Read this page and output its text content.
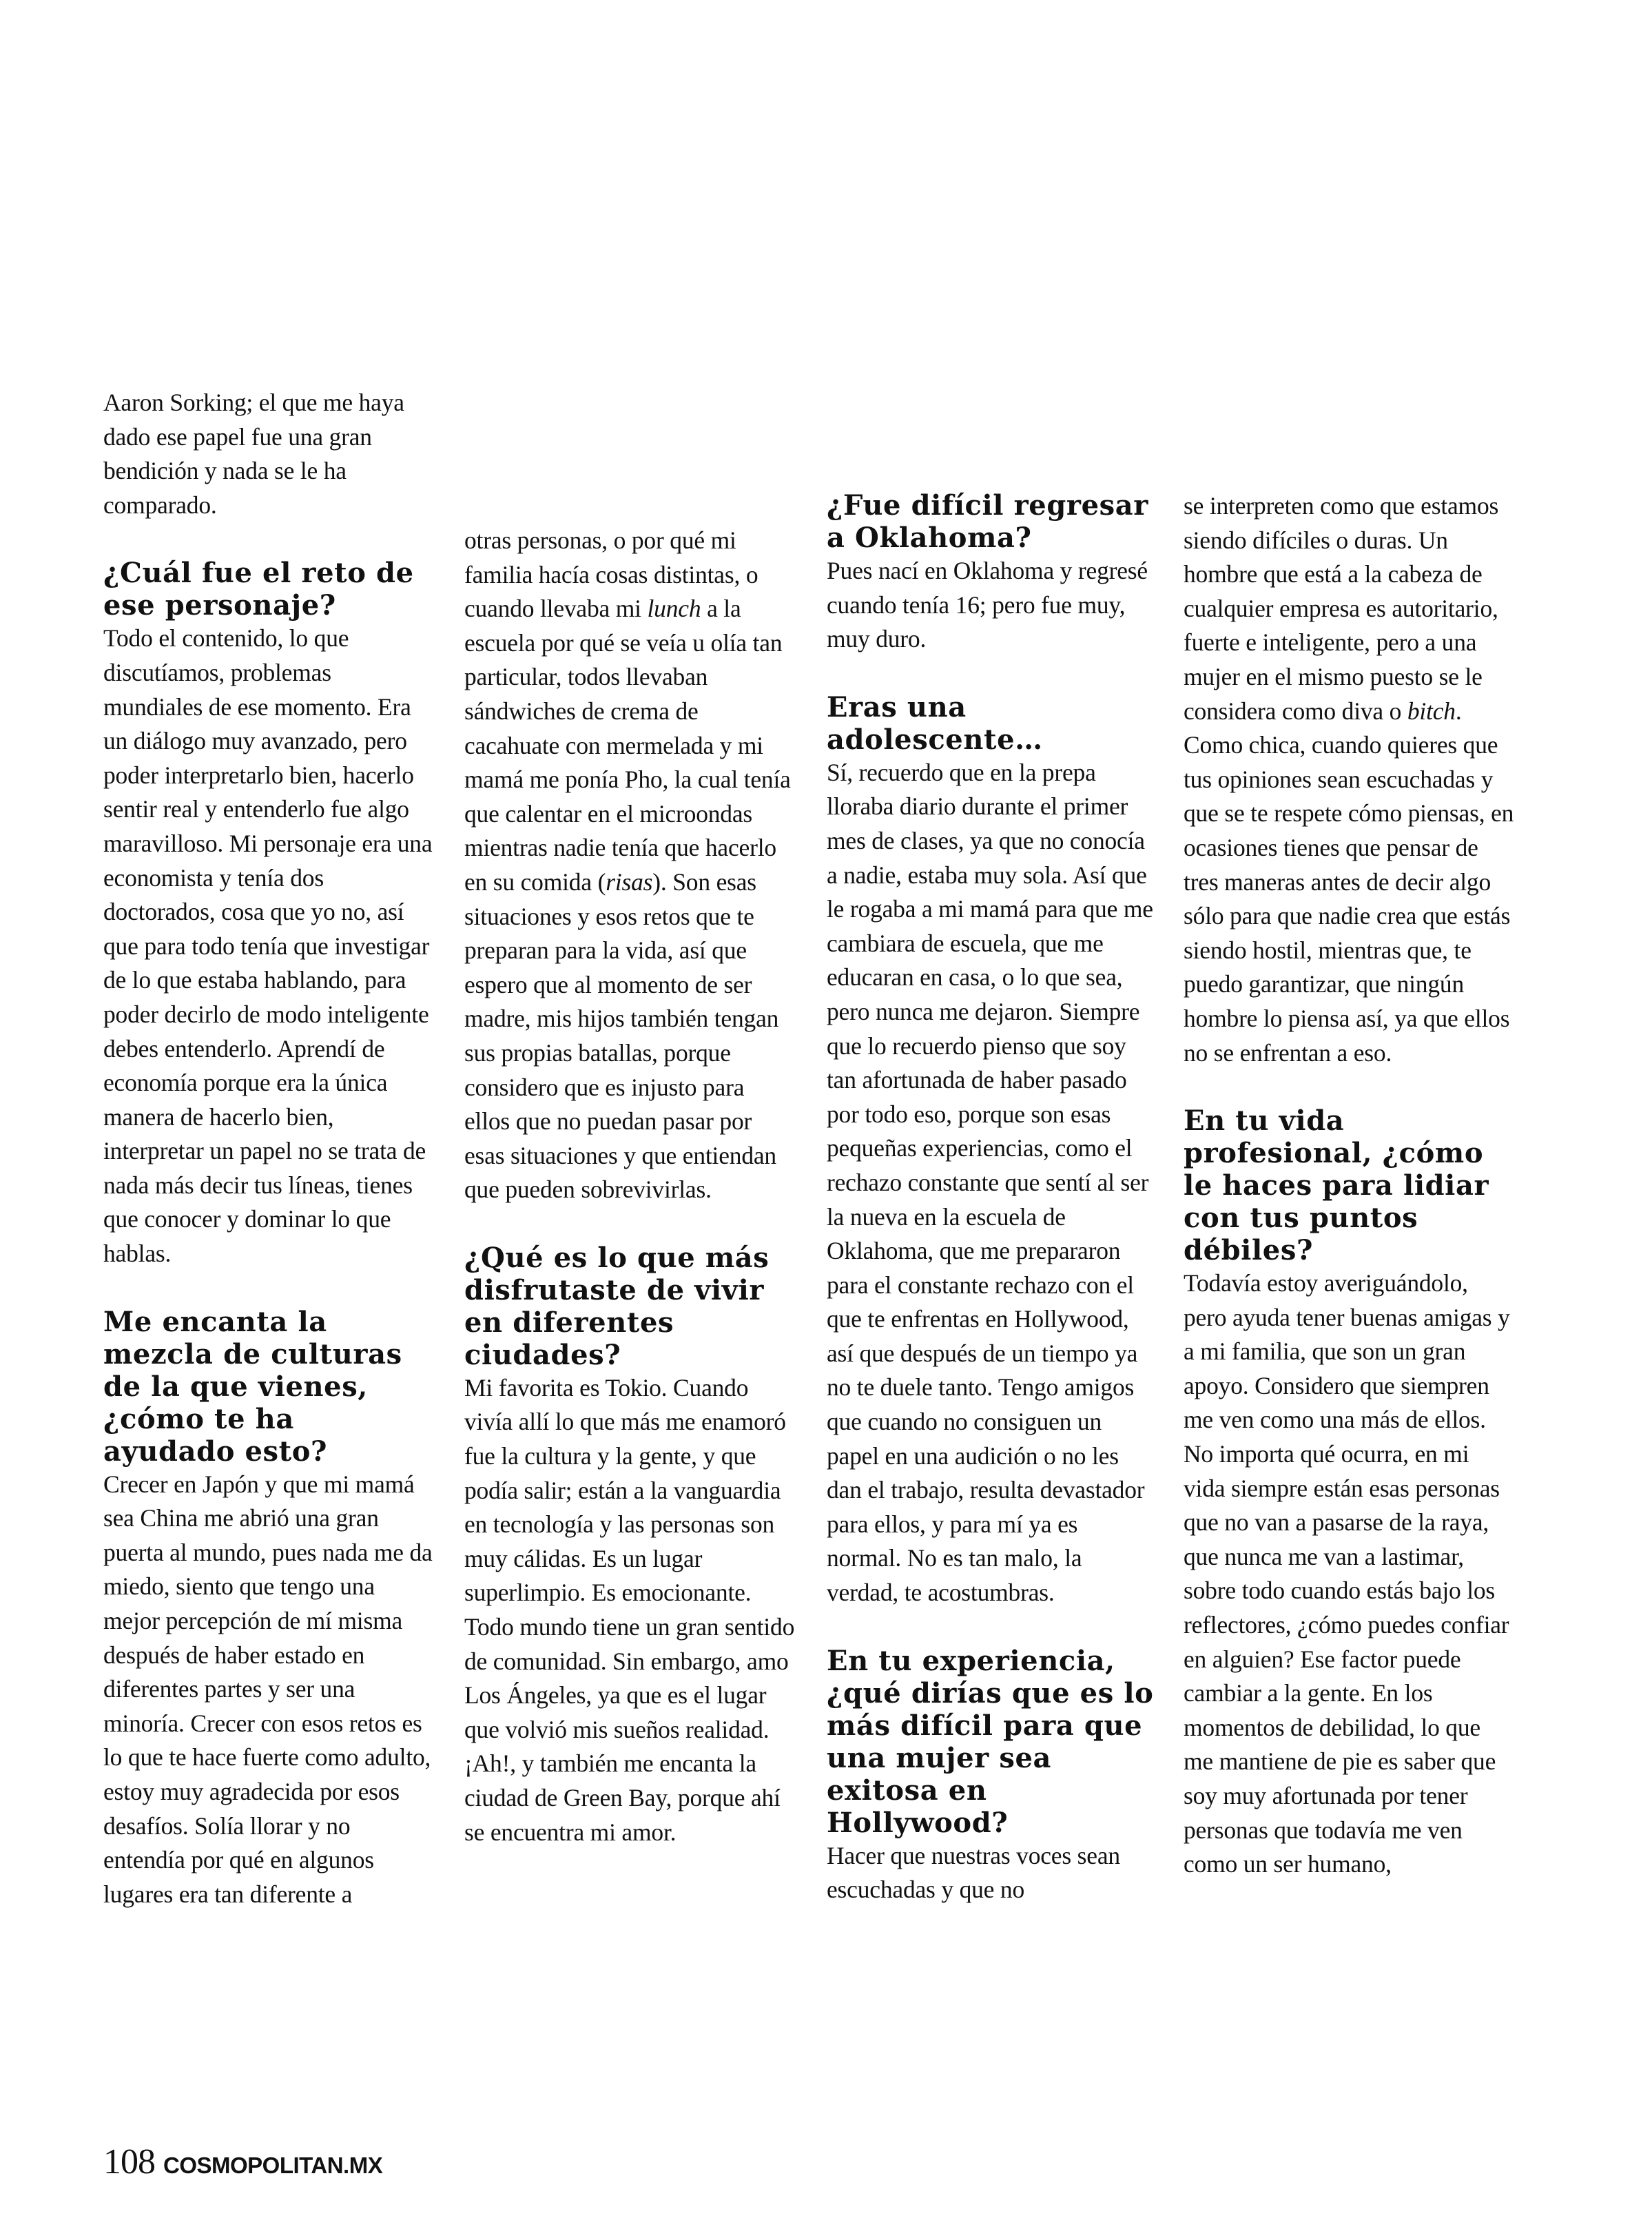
Aaron Sorking; el que me haya dado ese papel fue una gran bendición y nada se le ha comparado.

¿Cuál fue el reto de ese personaje?

Todo el contenido, lo que discutíamos, problemas mundiales de ese momento. Era un diálogo muy avanzado, pero poder interpretarlo bien, hacerlo sentir real y entenderlo fue algo maravilloso. Mi personaje era una economista y tenía dos doctorados, cosa que yo no, así que para todo tenía que investigar de lo que estaba hablando, para poder decirlo de modo inteligente debes entenderlo. Aprendí de economía porque era la única manera de hacerlo bien, interpretar un papel no se trata de nada más decir tus líneas, tienes que conocer y dominar lo que hablas.

Me encanta la mezcla de culturas de la que vienes, ¿cómo te ha ayudado esto?

Crecer en Japón y que mi mamá sea China me abrió una gran puerta al mundo, pues nada me da miedo, siento que tengo una mejor percepción de mí misma después de haber estado en diferentes partes y ser una minoría. Crecer con esos retos es lo que te hace fuerte como adulto, estoy muy agradecida por esos desafíos. Solía llorar y no entendía por qué en algunos lugares era tan diferente a

otras personas, o por qué mi familia hacía cosas distintas, o cuando llevaba mi lunch a la escuela por qué se veía u olía tan particular, todos llevaban sándwiches de crema de cacahuate con mermelada y mi mamá me ponía Pho, la cual tenía que calentar en el microondas mientras nadie tenía que hacerlo en su comida (risas). Son esas situaciones y esos retos que te preparan para la vida, así que espero que al momento de ser madre, mis hijos también tengan sus propias batallas, porque considero que es injusto para ellos que no puedan pasar por esas situaciones y que entiendan que pueden sobrevivirlas.

¿Qué es lo que más disfrutaste de vivir en diferentes ciudades?

Mi favorita es Tokio. Cuando vivía allí lo que más me enamoró fue la cultura y la gente, y que podía salir; están a la vanguardia en tecnología y las personas son muy cálidas. Es un lugar superlimpio. Es emocionante. Todo mundo tiene un gran sentido de comunidad. Sin embargo, amo Los Ángeles, ya que es el lugar que volvió mis sueños realidad. ¡Ah!, y también me encanta la ciudad de Green Bay, porque ahí se encuentra mi amor.

¿Fue difícil regresar a Oklahoma?

Pues nací en Oklahoma y regresé cuando tenía 16; pero fue muy, muy duro.

Eras una adolescente…

Sí, recuerdo que en la prepa lloraba diario durante el primer mes de clases, ya que no conocía a nadie, estaba muy sola. Así que le rogaba a mi mamá para que me cambiara de escuela, que me educaran en casa, o lo que sea, pero nunca me dejaron. Siempre que lo recuerdo pienso que soy tan afortunada de haber pasado por todo eso, porque son esas pequeñas experiencias, como el rechazo constante que sentí al ser la nueva en la escuela de Oklahoma, que me prepararon para el constante rechazo con el que te enfrentas en Hollywood, así que después de un tiempo ya no te duele tanto. Tengo amigos que cuando no consiguen un papel en una audición o no les dan el trabajo, resulta devastador para ellos, y para mí ya es normal. No es tan malo, la verdad, te acostumbras.

En tu experiencia, ¿qué dirías que es lo más difícil para que una mujer sea exitosa en Hollywood?

Hacer que nuestras voces sean escuchadas y que no

se interpreten como que estamos siendo difíciles o duras. Un hombre que está a la cabeza de cualquier empresa es autoritario, fuerte e inteligente, pero a una mujer en el mismo puesto se le considera como diva o bitch. Como chica, cuando quieres que tus opiniones sean escuchadas y que se te respete cómo piensas, en ocasiones tienes que pensar de tres maneras antes de decir algo sólo para que nadie crea que estás siendo hostil, mientras que, te puedo garantizar, que ningún hombre lo piensa así, ya que ellos no se enfrentan a eso.

En tu vida profesional, ¿cómo le haces para lidiar con tus puntos débiles?

Todavía estoy averiguándolo, pero ayuda tener buenas amigas y a mi familia, que son un gran apoyo. Considero que siempren me ven como una más de ellos. No importa qué ocurra, en mi vida siempre están esas personas que no van a pasarse de la raya, que nunca me van a lastimar, sobre todo cuando estás bajo los reflectores, ¿cómo puedes confiar en alguien? Ese factor puede cambiar a la gente. En los momentos de debilidad, lo que me mantiene de pie es saber que soy muy afortunada por tener personas que todavía me ven como un ser humano,

108 COSMOPOLITAN.MX
